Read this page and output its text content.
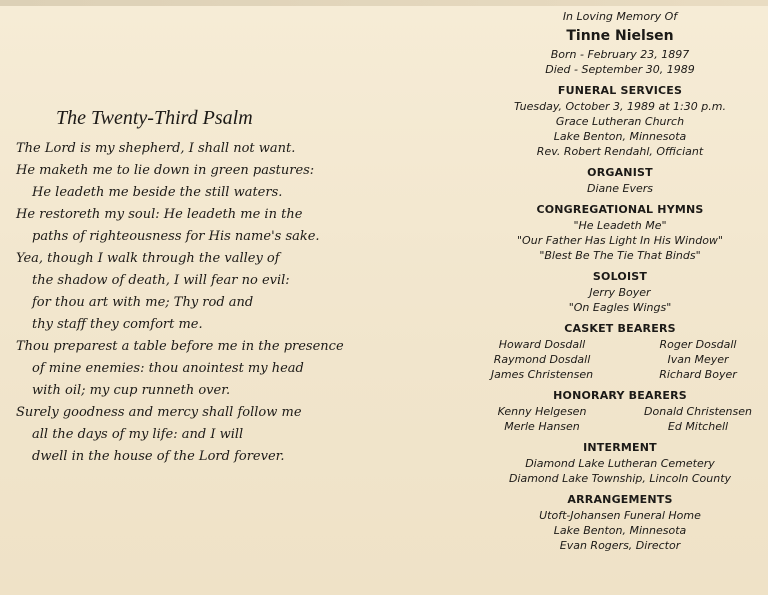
The Twenty-Third Psalm
The Lord is my shepherd, I shall not want.
He maketh me to lie down in green pastures:
He leadeth me beside the still waters.
He restoreth my soul: He leadeth me in the
paths of righteousness for His name's sake.
Yea, though I walk through the valley of
the shadow of death, I will fear no evil:
for thou art with me; Thy rod and
thy staff they comfort me.
Thou preparest a table before me in the presence
of mine enemies: thou anointest my head
with oil; my cup runneth over.
Surely goodness and mercy shall follow me
all the days of my life: and I will
dwell in the house of the Lord forever.
In Loving Memory Of
Tinne Nielsen
Born - February 23, 1897
Died - September 30, 1989
FUNERAL SERVICES
Tuesday, October 3, 1989 at 1:30 p.m.
Grace Lutheran Church
Lake Benton, Minnesota
Rev. Robert Rendahl, Officiant
ORGANIST
Diane Evers
CONGREGATIONAL HYMNS
"He Leadeth Me"
"Our Father Has Light In His Window"
"Blest Be The Tie That Binds"
SOLOIST
Jerry Boyer
"On Eagles Wings"
CASKET BEARERS
Howard Dosdall	Roger Dosdall
Raymond Dosdall	Ivan Meyer
James Christensen	Richard Boyer
HONORARY BEARERS
Kenny Helgesen	Donald Christensen
Merle Hansen	Ed Mitchell
INTERMENT
Diamond Lake Lutheran Cemetery
Diamond Lake Township, Lincoln County
ARRANGEMENTS
Utoft-Johansen Funeral Home
Lake Benton, Minnesota
Evan Rogers, Director
